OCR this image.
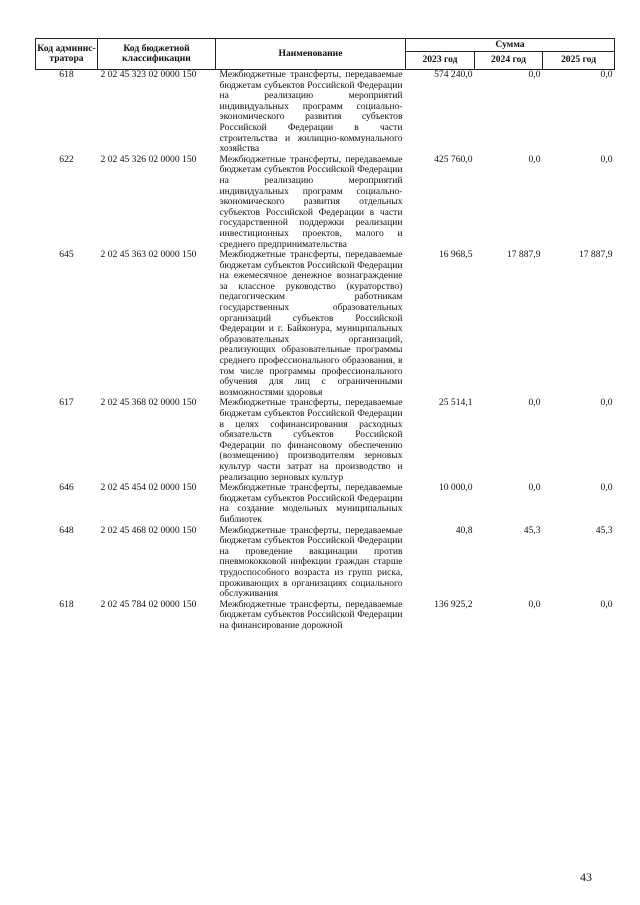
Код админис-тратора	Код бюджетной классификации	Наименование	Сумма		
			2023 год	2024 год	2025 год
618	2 02 45 323 02 0000 150	Межбюджетные трансферты, передаваемые бюджетам субъектов Российской Федерации на реализацию мероприятий индивидуальных программ социально-экономического развития субъектов Российской Федерации в части строительства и жилищно-коммунального хозяйства	574 240,0	0,0	0,0
622	2 02 45 326 02 0000 150	Межбюджетные трансферты, передаваемые бюджетам субъектов Российской Федерации на реализацию мероприятий индивидуальных программ социально-экономического развития отдельных субъектов Российской Федерации в части государственной поддержки реализации инвестиционных проектов, малого и среднего предпринимательства	425 760,0	0,0	0,0
645	2 02 45 363 02 0000 150	Межбюджетные трансферты, передаваемые бюджетам субъектов Российской Федерации на ежемесячное денежное вознаграждение за классное руководство (кураторство) педагогическим работникам государственных образовательных организаций субъектов Российской Федерации и г. Байконура, муниципальных образовательных организаций, реализующих образовательные программы среднего профессионального образования, в том числе программы профессионального обучения для лиц с ограниченными возможностями здоровья	16 968,5	17 887,9	17 887,9
617	2 02 45 368 02 0000 150	Межбюджетные трансферты, передаваемые бюджетам субъектов Российской Федерации в целях софинансирования расходных обязательств субъектов Российской Федерации по финансовому обеспечению (возмещению) производителям зерновых культур части затрат на производство и реализацию зерновых культур	25 514,1	0,0	0,0
646	2 02 45 454 02 0000 150	Межбюджетные трансферты, передаваемые бюджетам субъектов Российской Федерации на создание модельных муниципальных библиотек	10 000,0	0,0	0,0
648	2 02 45 468 02 0000 150	Межбюджетные трансферты, передаваемые бюджетам субъектов Российской Федерации на проведение вакцинации против пневмококковой инфекции граждан старше трудоспособного возраста из групп риска, проживающих в организациях социального обслуживания	40,8	45,3	45,3
618	2 02 45 784 02 0000 150	Межбюджетные трансферты, передаваемые бюджетам субъектов Российской Федерации на финансирование дорожной	136 925,2	0,0	0,0
43
